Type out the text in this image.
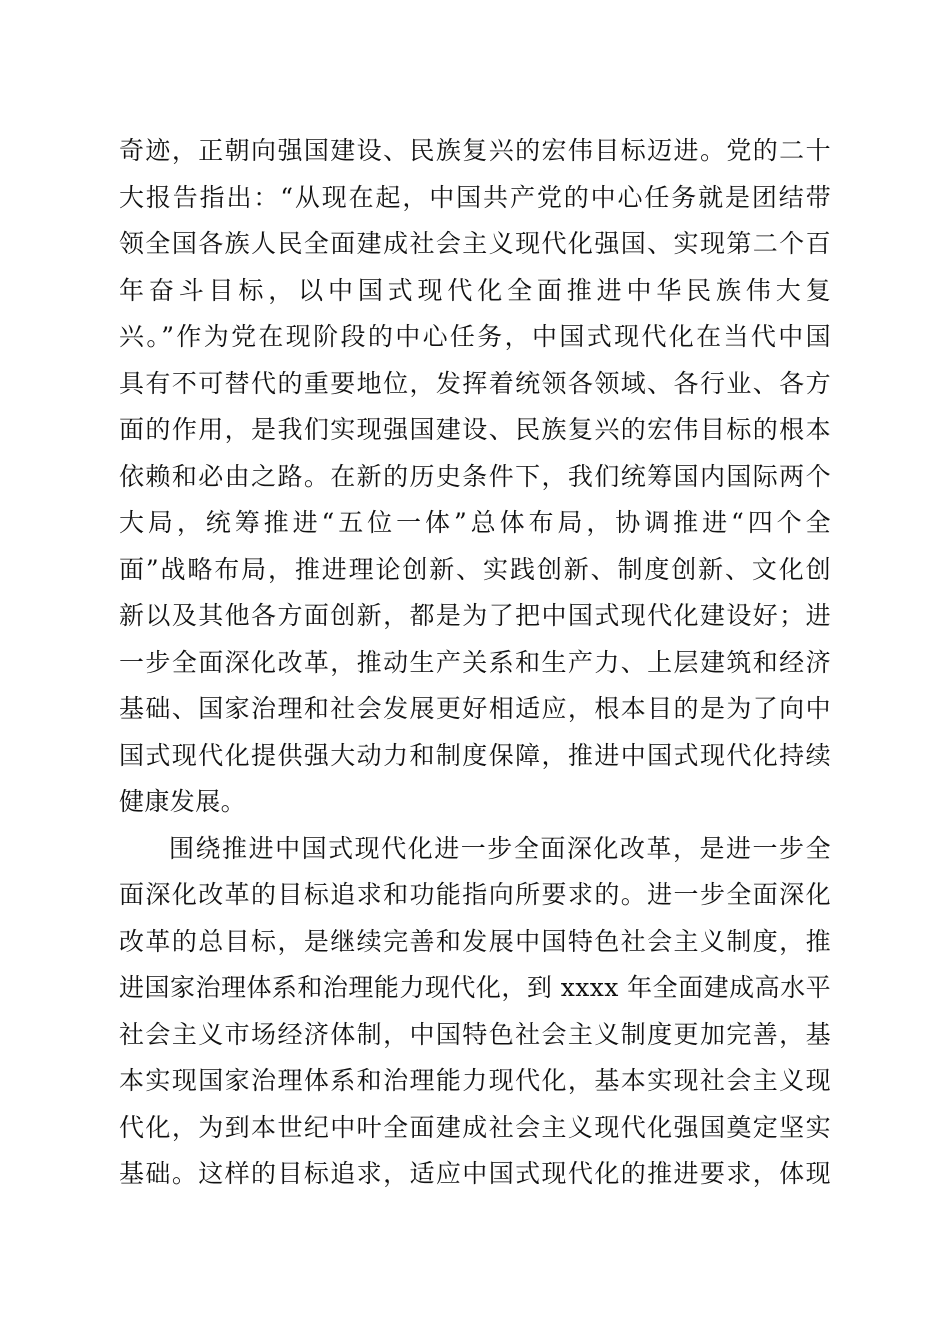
奇迹，正朝向强国建设、民族复兴的宏伟目标迈进。党的二十
大报告指出：“从现在起，中国共产党的中心任务就是团结带
领全国各族人民全面建成社会主义现代化强国、实现第二个百
年奋斗目标，以中国式现代化全面推进中华民族伟大复
兴。”作为党在现阶段的中心任务，中国式现代化在当代中国
具有不可替代的重要地位，发挥着统领各领域、各行业、各方
面的作用，是我们实现强国建设、民族复兴的宏伟目标的根本
依赖和必由之路。在新的历史条件下，我们统筹国内国际两个
大局，统筹推进“五位一体”总体布局，协调推进“四个全
面”战略布局，推进理论创新、实践创新、制度创新、文化创
新以及其他各方面创新，都是为了把中国式现代化建设好；进
一步全面深化改革，推动生产关系和生产力、上层建筑和经济
基础、国家治理和社会发展更好相适应，根本目的是为了向中
国式现代化提供强大动力和制度保障，推进中国式现代化持续
健康发展。
围绕推进中国式现代化进一步全面深化改革，是进一步全
面深化改革的目标追求和功能指向所要求的。进一步全面深化
改革的总目标，是继续完善和发展中国特色社会主义制度，推
进国家治理体系和治理能力现代化，到 xxxx 年全面建成高水平
社会主义市场经济体制，中国特色社会主义制度更加完善，基
本实现国家治理体系和治理能力现代化，基本实现社会主义现
代化，为到本世纪中叶全面建成社会主义现代化强国奠定坚实
基础。这样的目标追求，适应中国式现代化的推进要求，体现
